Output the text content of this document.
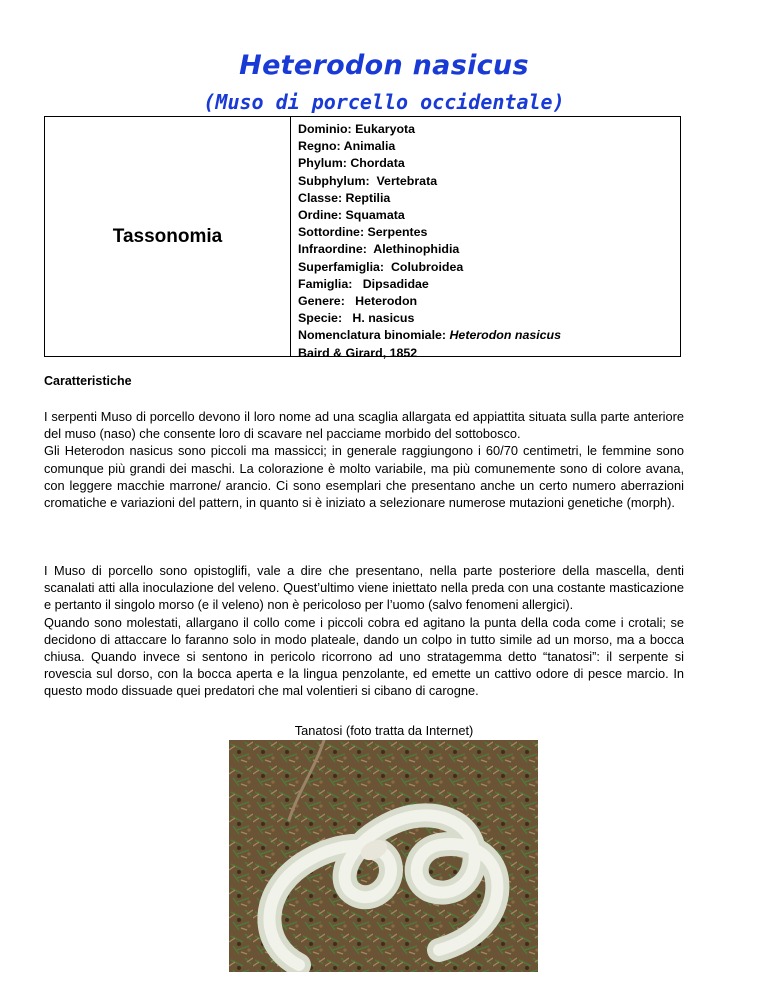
Heterodon nasicus
(Muso di porcello occidentale)
Tassonomia
Dominio: Eukaryota
Regno: Animalia
Phylum: Chordata
Subphylum:  Vertebrata
Classe: Reptilia
Ordine: Squamata
Sottordine: Serpentes
Infraordine:  Alethinophidia
Superfamiglia:  Colubroidea
Famiglia:   Dipsadidae
Genere:   Heterodon
Specie:   H. nasicus
Nomenclatura binomiale: Heterodon nasicus
Baird & Girard, 1852
Caratteristiche

I serpenti Muso di porcello devono il loro nome ad una scaglia allargata ed appiattita situata sulla parte anteriore del muso (naso) che consente loro di scavare nel pacciame morbido del sottobosco.

Gli Heterodon nasicus sono piccoli ma massicci; in generale raggiungono i 60/70 centimetri, le femmine sono comunque più grandi dei maschi. La colorazione è molto variabile, ma più comunemente sono di colore avana, con leggere macchie marrone/ arancio. Ci sono esemplari che presentano anche un certo numero aberrazioni cromatiche e variazioni del pattern, in quanto si è iniziato a selezionare numerose mutazioni genetiche (morph).

I Muso di porcello sono opistoglifi, vale a dire che presentano, nella parte posteriore della mascella, denti scanalati atti alla inoculazione del veleno. Quest’ultimo viene iniettato nella preda con una costante masticazione e pertanto il singolo morso (e il veleno) non è pericoloso per l’uomo (salvo fenomeni allergici).

Quando sono molestati, allargano il collo come i piccoli cobra ed agitano la punta della coda come i crotali; se decidono di attaccare lo faranno solo in modo plateale, dando un colpo in tutto simile ad un morso, ma a bocca chiusa. Quando invece si sentono in pericolo ricorrono ad uno stratagemma detto “tanatosi”: il serpente si rovescia sul dorso, con la bocca aperta e la lingua penzolante, ed emette un cattivo odore di pesce marcio. In questo modo dissuade quei predatori che mal volentieri si cibano di carogne.

Tanatosi (foto tratta da Internet)
